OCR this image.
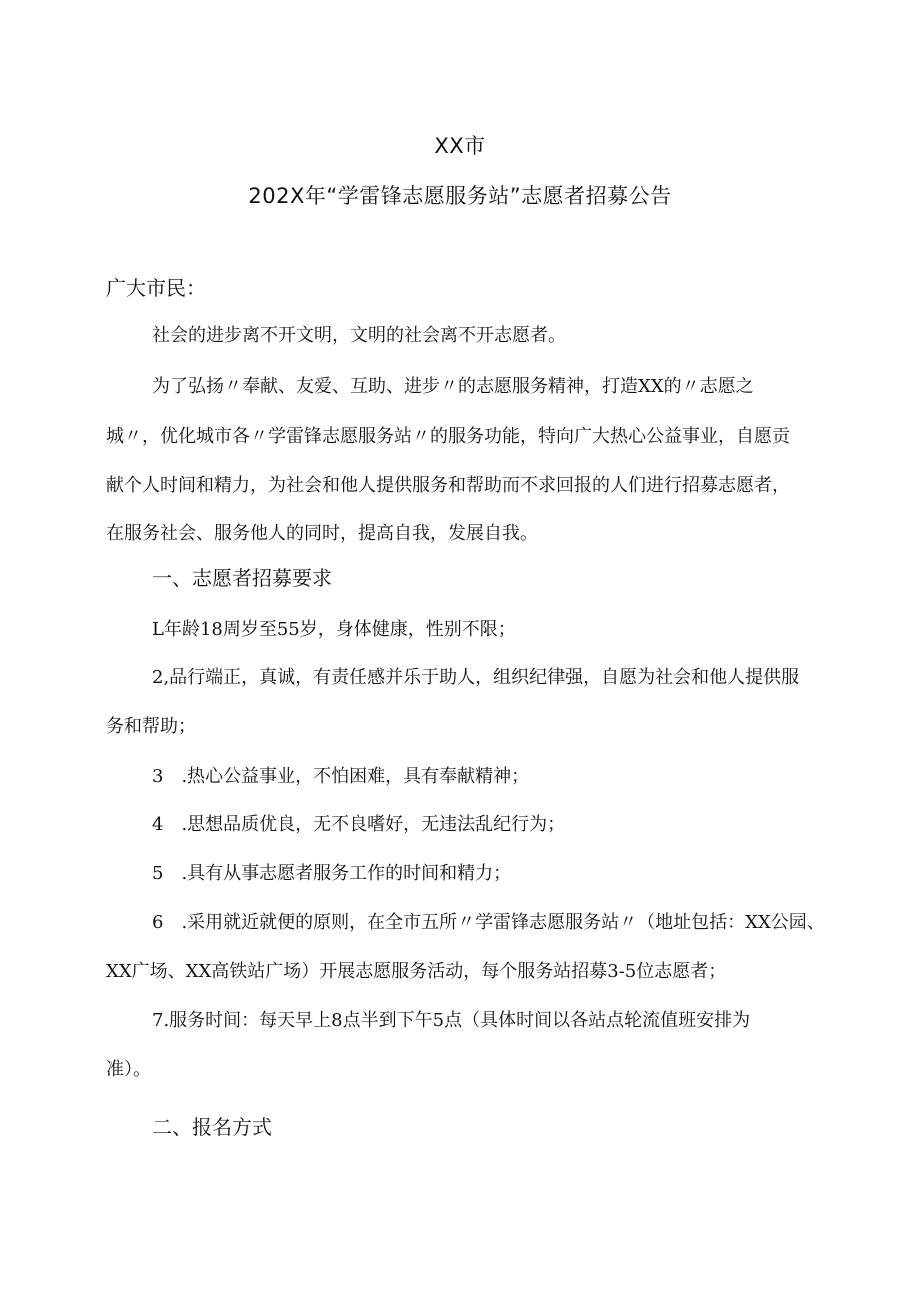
XX市
202X年“学雷锋志愿服务站”志愿者招募公告
广大市民：
社会的进步离不开文明，文明的社会离不开志愿者。
为了弘扬〃奉献、友爱、互助、进步〃的志愿服务精神，打造XX的〃志愿之
城〃，优化城市各〃学雷锋志愿服务站〃的服务功能，特向广大热心公益事业，自愿贡
献个人时间和精力，为社会和他人提供服务和帮助而不求回报的人们进行招募志愿者，
在服务社会、服务他人的同时，提高自我，发展自我。
一、志愿者招募要求
L年龄18周岁至55岁，身体健康，性别不限；
2,品行端正，真诚，有责任感并乐于助人，组织纪律强，自愿为社会和他人提供服
务和帮助；
3　.热心公益事业，不怕困难，具有奉献精神；
4　.思想品质优良，无不良嗜好，无违法乱纪行为；
5　.具有从事志愿者服务工作的时间和精力；
6　.采用就近就便的原则，在全市五所〃学雷锋志愿服务站〃（地址包括：XX公园、
XX广场、XX高铁站广场）开展志愿服务活动，每个服务站招募3-5位志愿者；
7.服务时间：每天早上8点半到下午5点（具体时间以各站点轮流值班安排为
准）。
二、报名方式
